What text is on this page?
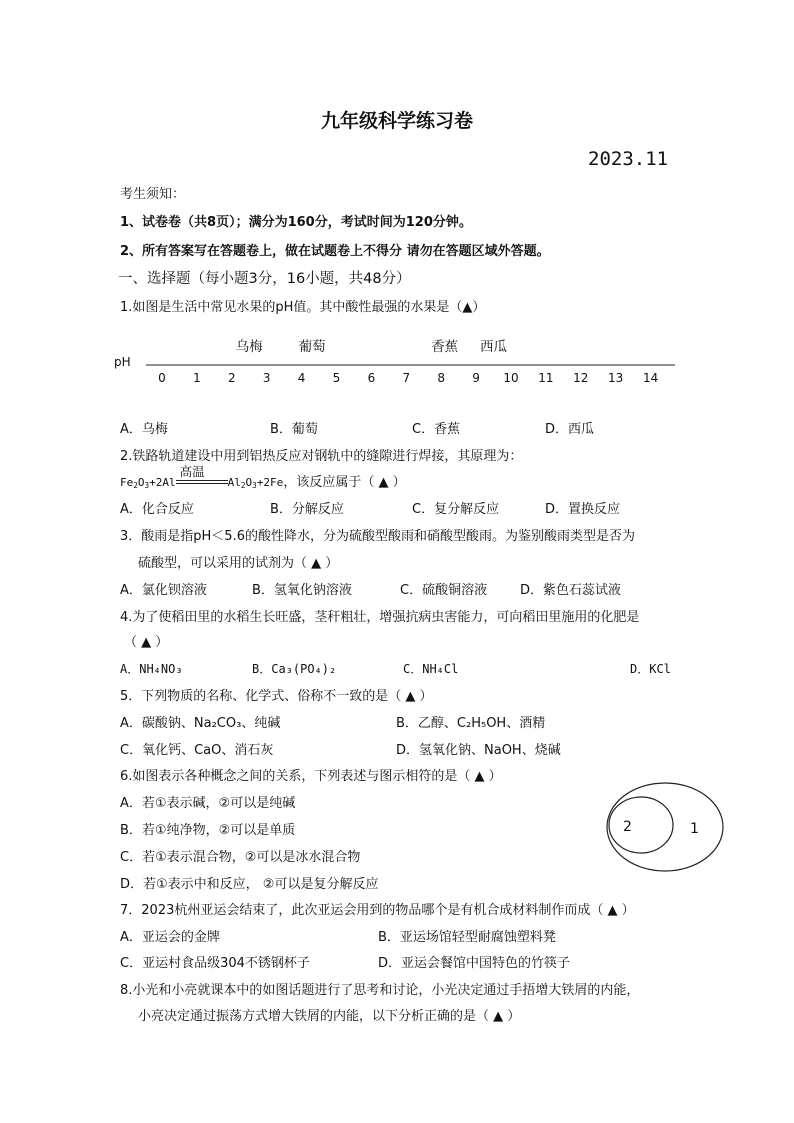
九年级科学练习卷
2023.11
考生须知：
1、试卷卷（共8页）；满分为160分，考试时间为120分钟。
2、所有答案写在答题卷上，做在试题卷上不得分 请勿在答题区域外答题。
一、选择题（每小题3分，16小题，共48分）
1.如图是生活中常见水果的pH值。其中酸性最强的水果是（▲）
pH
0 1 2 3 4 5 6 7 8 9 10 11 12 13 14
乌梅	葡萄	香蕉 西瓜
A．乌梅	B．葡萄	C．香蕉	D．西瓜
2.铁路轨道建设中用到铝热反应对钢轨中的缝隙进行焊接，其原理为：
$Fe_2O_3+2Al$
高温
$Al_2O_3+2Fe$，该反应属于（ ▲ ）
A．化合反应	B．分解反应	C．复分解反应	D．置换反应
3．酸雨是指pH＜5.6的酸性降水，分为硫酸型酸雨和硝酸型酸雨。为鉴别酸雨类型是否为
硫酸型，可以采用的试剂为（ ▲ ）
A．氯化钡溶液	B．氢氧化钠溶液	C．硫酸铜溶液	D．紫色石蕊试液
4.为了使稻田里的水稻生长旺盛，茎秆粗壮，增强抗病虫害能力，可向稻田里施用的化肥是
（ ▲ ）
A．NH₄NO₃	B．Ca₃(PO₄)₂	C．NH₄Cl	D．KCl
5．下列物质的名称、化学式、俗称不一致的是（ ▲ ）
A．碳酸钠、Na₂CO₃、纯碱	B．乙醇、C₂H₅OH、酒精
C．氧化钙、CaO、消石灰	D．氢氧化钠、NaOH、烧碱
6.如图表示各种概念之间的关系，下列表述与图示相符的是（ ▲ ）
A．若①表示碱，②可以是纯碱
B．若①纯净物，②可以是单质
C．若①表示混合物，②可以是冰水混合物
D．若①表示中和反应， ②可以是复分解反应
2	1
7．2023杭州亚运会结束了，此次亚运会用到的物品哪个是有机合成材料制作而成（ ▲ ）
A．亚运会的金牌	B．亚运场馆轻型耐腐蚀塑料凳
C．亚运村食品级304不锈钢杯子	D．亚运会餐馆中国特色的竹筷子
8.小光和小亮就课本中的如图话题进行了思考和讨论，小光决定通过手捂增大铁屑的内能，
小亮决定通过振荡方式增大铁屑的内能，以下分析正确的是（ ▲ ）
